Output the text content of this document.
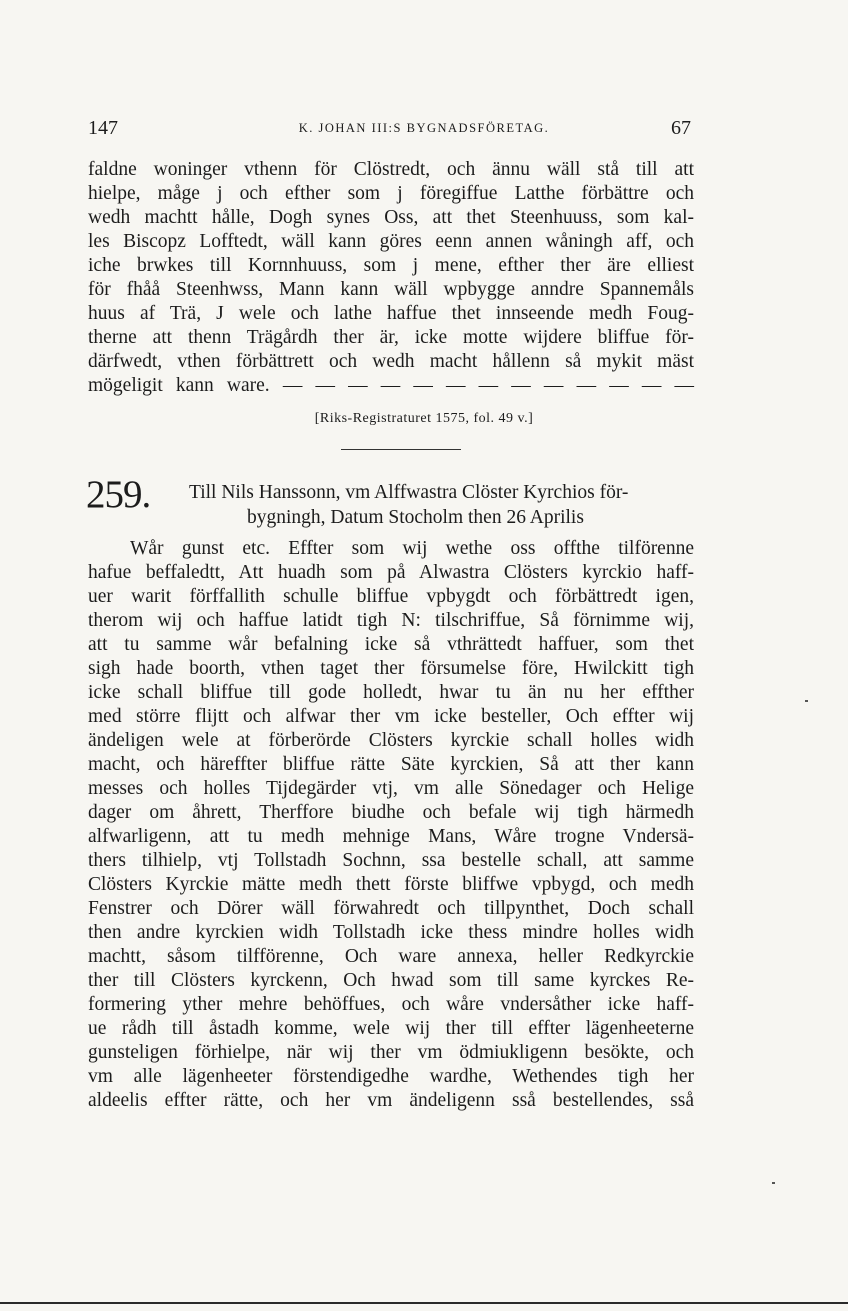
147	K. JOHAN III:S BYGNADSFÖRETAG.	67
faldne woninger vthenn för Clöstredt, och ännu wäll stå till att
hielpe, måge j och efther som j föregiffue Latthe förbättre och
wedh machtt hålle, Dogh synes Oss, att thet Steenhuuss, som kal-
les Biscopz Lofftedt, wäll kann göres eenn annen wåningh aff, och
iche brwkes till Kornnhuuss, som j mene, efther ther äre elliest
för fhåå Steenhwss, Mann kann wäll wpbygge anndre Spannemåls
huus af Trä, J wele och lathe haffue thet innseende medh Foug-
therne att thenn Trägårdh ther är, icke motte wijdere bliffue för-
därfwedt, vthen förbättrett och wedh macht hållenn så mykit mäst
mögeligit kann ware. — — — — — — — — — — — — —
[Riks-Registraturet 1575, fol. 49 v.]
259. Till Nils Hanssonn, vm Alffwastra Clöster Kyrchios för-
bygningh, Datum Stocholm then 26 Aprilis
Wår gunst etc. Effter som wij wethe oss offthe tilförenne
hafue beffaledtt, Att huadh som på Alwastra Clösters kyrckio haff-
uer warit förffallith schulle bliffue vpbygdt och förbättredt igen,
therom wij och haffue latidt tigh N: tilschriffue, Så förnimme wij,
att tu samme wår befalning icke så vthrättedt haffuer, som thet
sigh hade boorth, vthen taget ther försumelse före, Hwilckitt tigh
icke schall bliffue till gode holledt, hwar tu än nu her effther
med större flijtt och alfwar ther vm icke besteller, Och effter wij
ändeligen wele at förberörde Clösters kyrckie schall holles widh
macht, och häreffter bliffue rätte Säte kyrckien, Så att ther kann
messes och holles Tijdegärder vtj, vm alle Sönedager och Helige
dager om åhrett, Therffore biudhe och befale wij tigh härmedh
alfwarligenn, att tu medh mehnige Mans, Wåre trogne Vndersä-
thers tilhielp, vtj Tollstadh Sochnn, ssa bestelle schall, att samme
Clösters Kyrckie mätte medh thett förste bliffwe vpbygd, och medh
Fenstrer och Dörer wäll förwahredt och tillpynthet, Doch schall
then andre kyrckien widh Tollstadh icke thess mindre holles widh
machtt, såsom tilfförenne, Och ware annexa, heller Redkyrckie
ther till Clösters kyrckenn, Och hwad som till same kyrckes Re-
formering yther mehre behöffues, och wåre vndersåther icke haff-
ue rådh till åstadh komme, wele wij ther till effter lägenheeterne
gunsteligen förhielpe, när wij ther vm ödmiukligenn besökte, och
vm alle lägenheeter förstendigedhe wardhe, Wethendes tigh her
aldeelis effter rätte, och her vm ändeligenn sså bestellendes, sså
